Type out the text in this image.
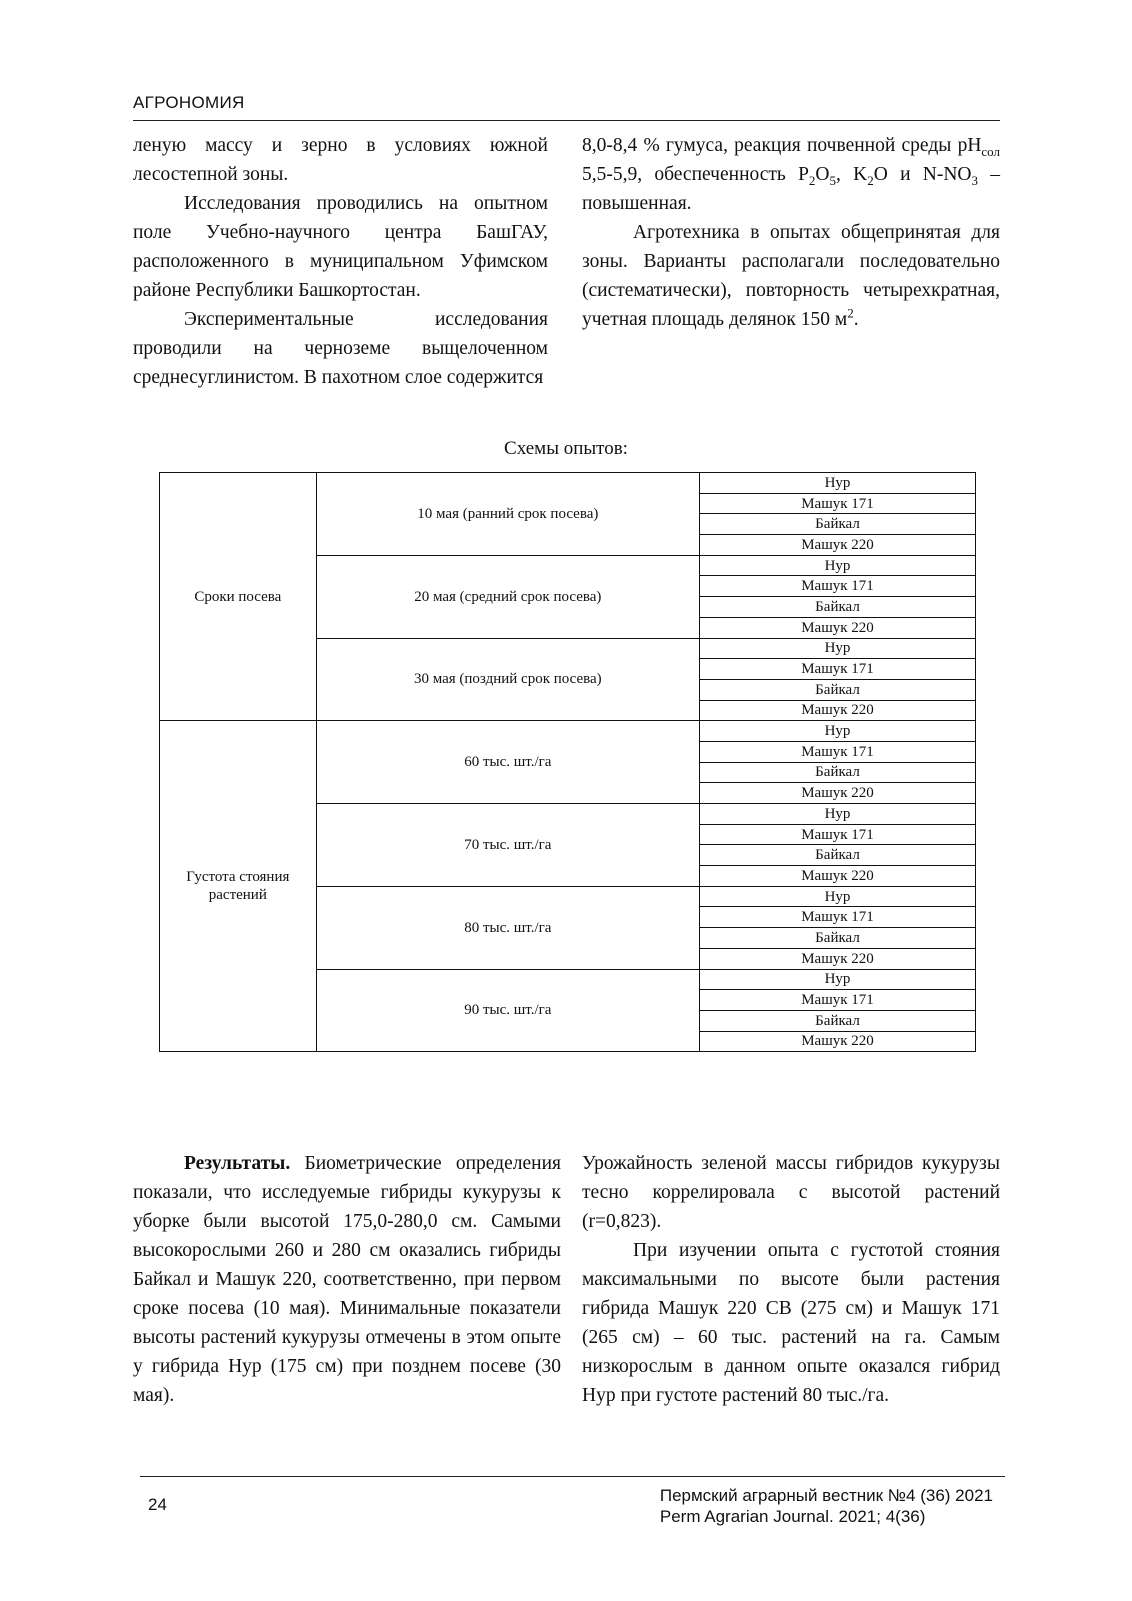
АГРОНОМИЯ

леную массу и зерно в условиях южной лесостепной зоны.

Исследования проводились на опытном поле Учебно-научного центра БашГАУ, расположенного в муниципальном Уфимском районе Республики Башкортостан.

Экспериментальные исследования проводили на черноземе выщелоченном среднесуглинистом. В пахотном слое содержится

8,0-8,4 % гумуса, реакция почвенной среды $pH_{сол}$ 5,5-5,9, обеспеченность $P_2O_5$, $K_2O$ и $N-NO_3$ – повышенная.

Агротехника в опытах общепринятая для зоны. Варианты располагали последовательно (систематически), повторность четырехкратная, учетная площадь делянок 150 $м^2$.

Схемы опытов:
Сроки посева	10 мая (ранний срок посева)	Нур
		Машук 171
		Байкал
		Машук 220
	20 мая (средний срок посева)	Нур
		Машук 171
		Байкал
		Машук 220
	30 мая (поздний срок посева)	Нур
		Машук 171
		Байкал
		Машук 220
Густота стояния растений	60 тыс. шт./га	Нур
		Машук 171
		Байкал
		Машук 220
	70 тыс. шт./га	Нур
		Машук 171
		Байкал
		Машук 220
	80 тыс. шт./га	Нур
		Машук 171
		Байкал
		Машук 220
	90 тыс. шт./га	Нур
		Машук 171
		Байкал
		Машук 220

Результаты. Биометрические определения показали, что исследуемые гибриды кукурузы к уборке были высотой 175,0-280,0 см. Самыми высокорослыми 260 и 280 см оказались гибриды Байкал и Машук 220, соответственно, при первом сроке посева (10 мая). Минимальные показатели высоты растений кукурузы отмечены в этом опыте у гибрида Нур (175 см) при позднем посеве (30 мая).

Урожайность зеленой массы гибридов кукурузы тесно коррелировала с высотой растений (r=0,823).

При изучении опыта с густотой стояния максимальными по высоте были растения гибрида Машук 220 СВ (275 см) и Машук 171 (265 см) – 60 тыс. растений на га. Самым низкорослым в данном опыте оказался гибрид Нур при густоте растений 80 тыс./га.

24	Пермский аграрный вестник №4 (36) 2021
Perm Agrarian Journal. 2021; 4(36)
